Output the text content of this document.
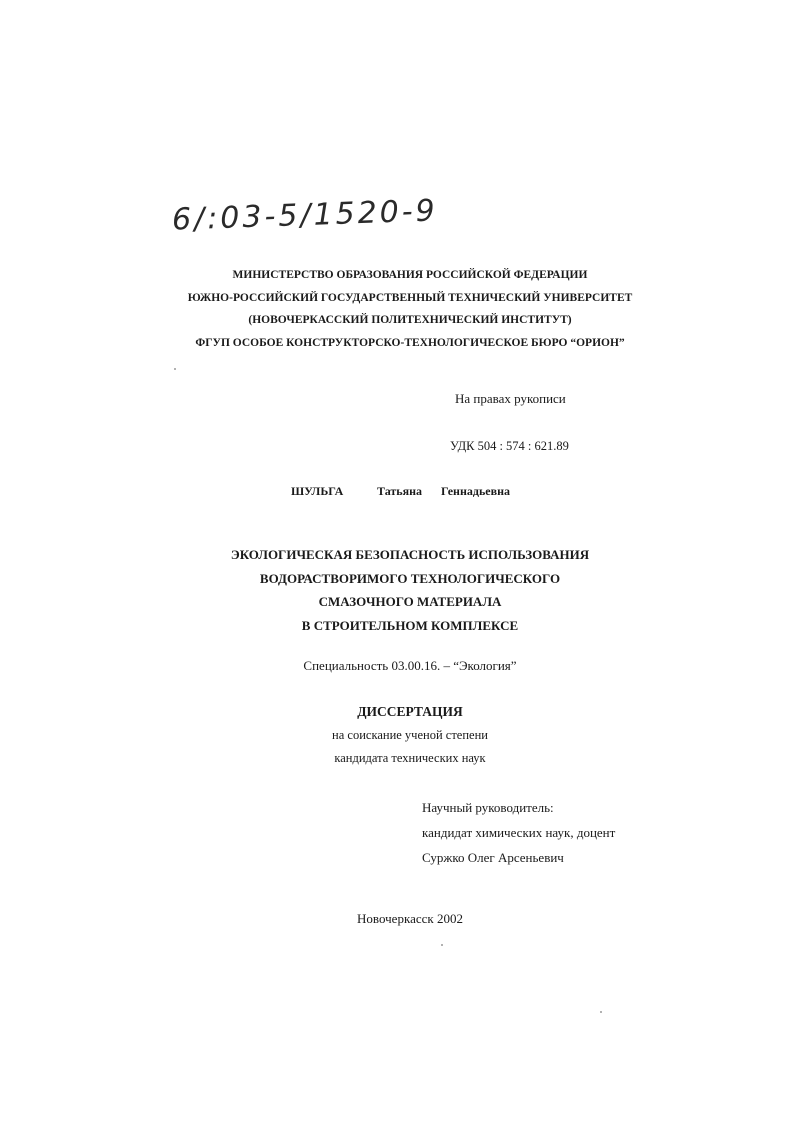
6/:03-5/1520-9
МИНИСТЕРСТВО ОБРАЗОВАНИЯ РОССИЙСКОЙ ФЕДЕРАЦИИ
ЮЖНО-РОССИЙСКИЙ ГОСУДАРСТВЕННЫЙ ТЕХНИЧЕСКИЙ УНИВЕРСИТЕТ
(НОВОЧЕРКАССКИЙ ПОЛИТЕХНИЧЕСКИЙ ИНСТИТУТ)
ФГУП ОСОБОЕ КОНСТРУКТОРСКО-ТЕХНОЛОГИЧЕСКОЕ БЮРО “ОРИОН”
На правах рукописи
УДК 504 : 574 : 621.89
ШУЛЬГА	Татьяна Геннадьевна
ЭКОЛОГИЧЕСКАЯ БЕЗОПАСНОСТЬ ИСПОЛЬЗОВАНИЯ
ВОДОРАСТВОРИМОГО ТЕХНОЛОГИЧЕСКОГО
СМАЗОЧНОГО МАТЕРИАЛА
В СТРОИТЕЛЬНОМ КОМПЛЕКСЕ
Специальность 03.00.16. – “Экология”
ДИССЕРТАЦИЯ
на соискание ученой степени
кандидата технических наук
Научный руководитель:
кандидат химических наук, доцент
Суржко Олег Арсеньевич
Новочеркасск 2002
